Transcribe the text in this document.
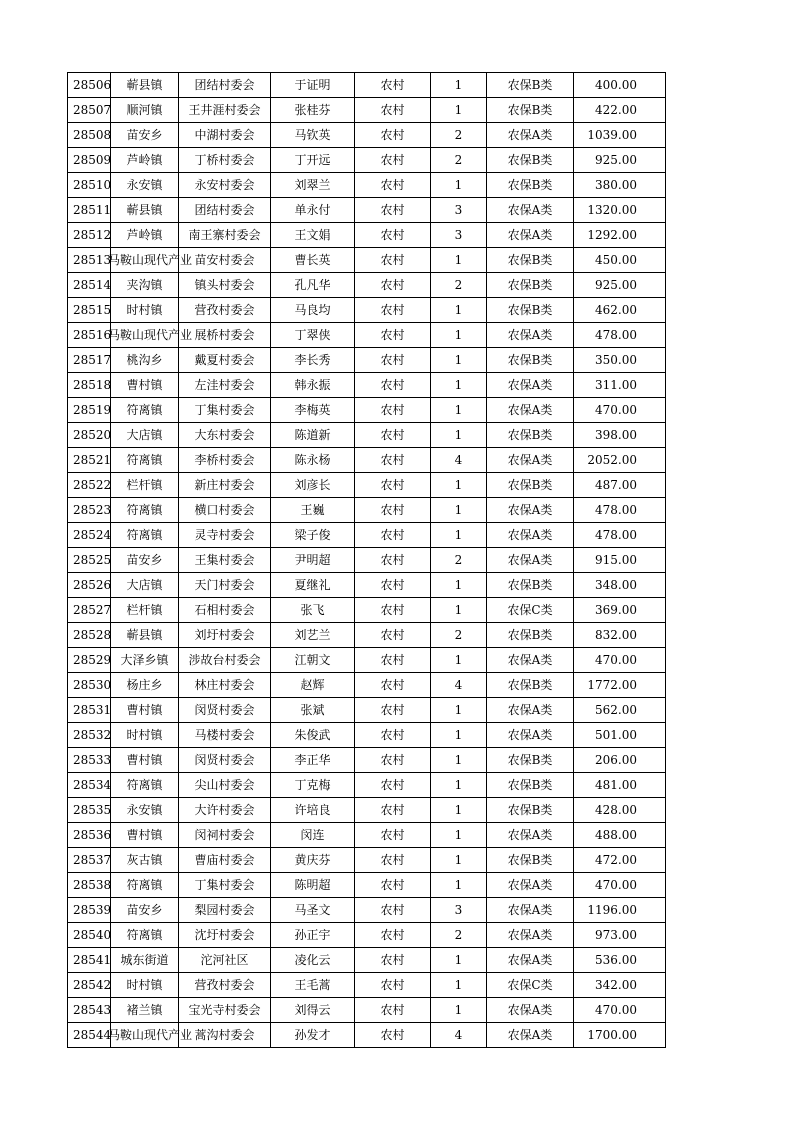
28506	蕲县镇	团结村委会	于证明	农村	1	农保B类	400.00
28507	顺河镇	王井涯村委会	张桂芬	农村	1	农保B类	422.00
28508	苗安乡	中湖村委会	马钦英	农村	2	农保A类	1039.00
28509	芦岭镇	丁桥村委会	丁开远	农村	2	农保B类	925.00
28510	永安镇	永安村委会	刘翠兰	农村	1	农保B类	380.00
28511	蕲县镇	团结村委会	单永付	农村	3	农保A类	1320.00
28512	芦岭镇	南王寨村委会	王文娟	农村	3	农保A类	1292.00
28513	马鞍山现代产业	苗安村委会	曹长英	农村	1	农保B类	450.00
28514	夹沟镇	镇头村委会	孔凡华	农村	2	农保B类	925.00
28515	时村镇	营孜村委会	马良均	农村	1	农保B类	462.00
28516	马鞍山现代产业	展桥村委会	丁翠侠	农村	1	农保A类	478.00
28517	桃沟乡	戴夏村委会	李长秀	农村	1	农保B类	350.00
28518	曹村镇	左洼村委会	韩永振	农村	1	农保A类	311.00
28519	符离镇	丁集村委会	李梅英	农村	1	农保A类	470.00
28520	大店镇	大东村委会	陈道新	农村	1	农保B类	398.00
28521	符离镇	李桥村委会	陈永杨	农村	4	农保A类	2052.00
28522	栏杆镇	新庄村委会	刘彦长	农村	1	农保B类	487.00
28523	符离镇	横口村委会	王巍	农村	1	农保A类	478.00
28524	符离镇	灵寺村委会	梁子俊	农村	1	农保A类	478.00
28525	苗安乡	王集村委会	尹明超	农村	2	农保A类	915.00
28526	大店镇	天门村委会	夏继礼	农村	1	农保B类	348.00
28527	栏杆镇	石相村委会	张飞	农村	1	农保C类	369.00
28528	蕲县镇	刘圩村委会	刘艺兰	农村	2	农保B类	832.00
28529	大泽乡镇	涉故台村委会	江朝文	农村	1	农保A类	470.00
28530	杨庄乡	林庄村委会	赵辉	农村	4	农保B类	1772.00
28531	曹村镇	闵贤村委会	张斌	农村	1	农保A类	562.00
28532	时村镇	马楼村委会	朱俊武	农村	1	农保A类	501.00
28533	曹村镇	闵贤村委会	李正华	农村	1	农保B类	206.00
28534	符离镇	尖山村委会	丁克梅	农村	1	农保B类	481.00
28535	永安镇	大许村委会	许培良	农村	1	农保B类	428.00
28536	曹村镇	闵祠村委会	闵连	农村	1	农保A类	488.00
28537	灰古镇	曹庙村委会	黄庆芬	农村	1	农保B类	472.00
28538	符离镇	丁集村委会	陈明超	农村	1	农保A类	470.00
28539	苗安乡	梨园村委会	马圣文	农村	3	农保A类	1196.00
28540	符离镇	沈圩村委会	孙正宇	农村	2	农保A类	973.00
28541	城东街道	沱河社区	凌化云	农村	1	农保A类	536.00
28542	时村镇	营孜村委会	王毛蒿	农村	1	农保C类	342.00
28543	褚兰镇	宝光寺村委会	刘得云	农村	1	农保A类	470.00
28544	马鞍山现代产业	蒿沟村委会	孙发才	农村	4	农保A类	1700.00
